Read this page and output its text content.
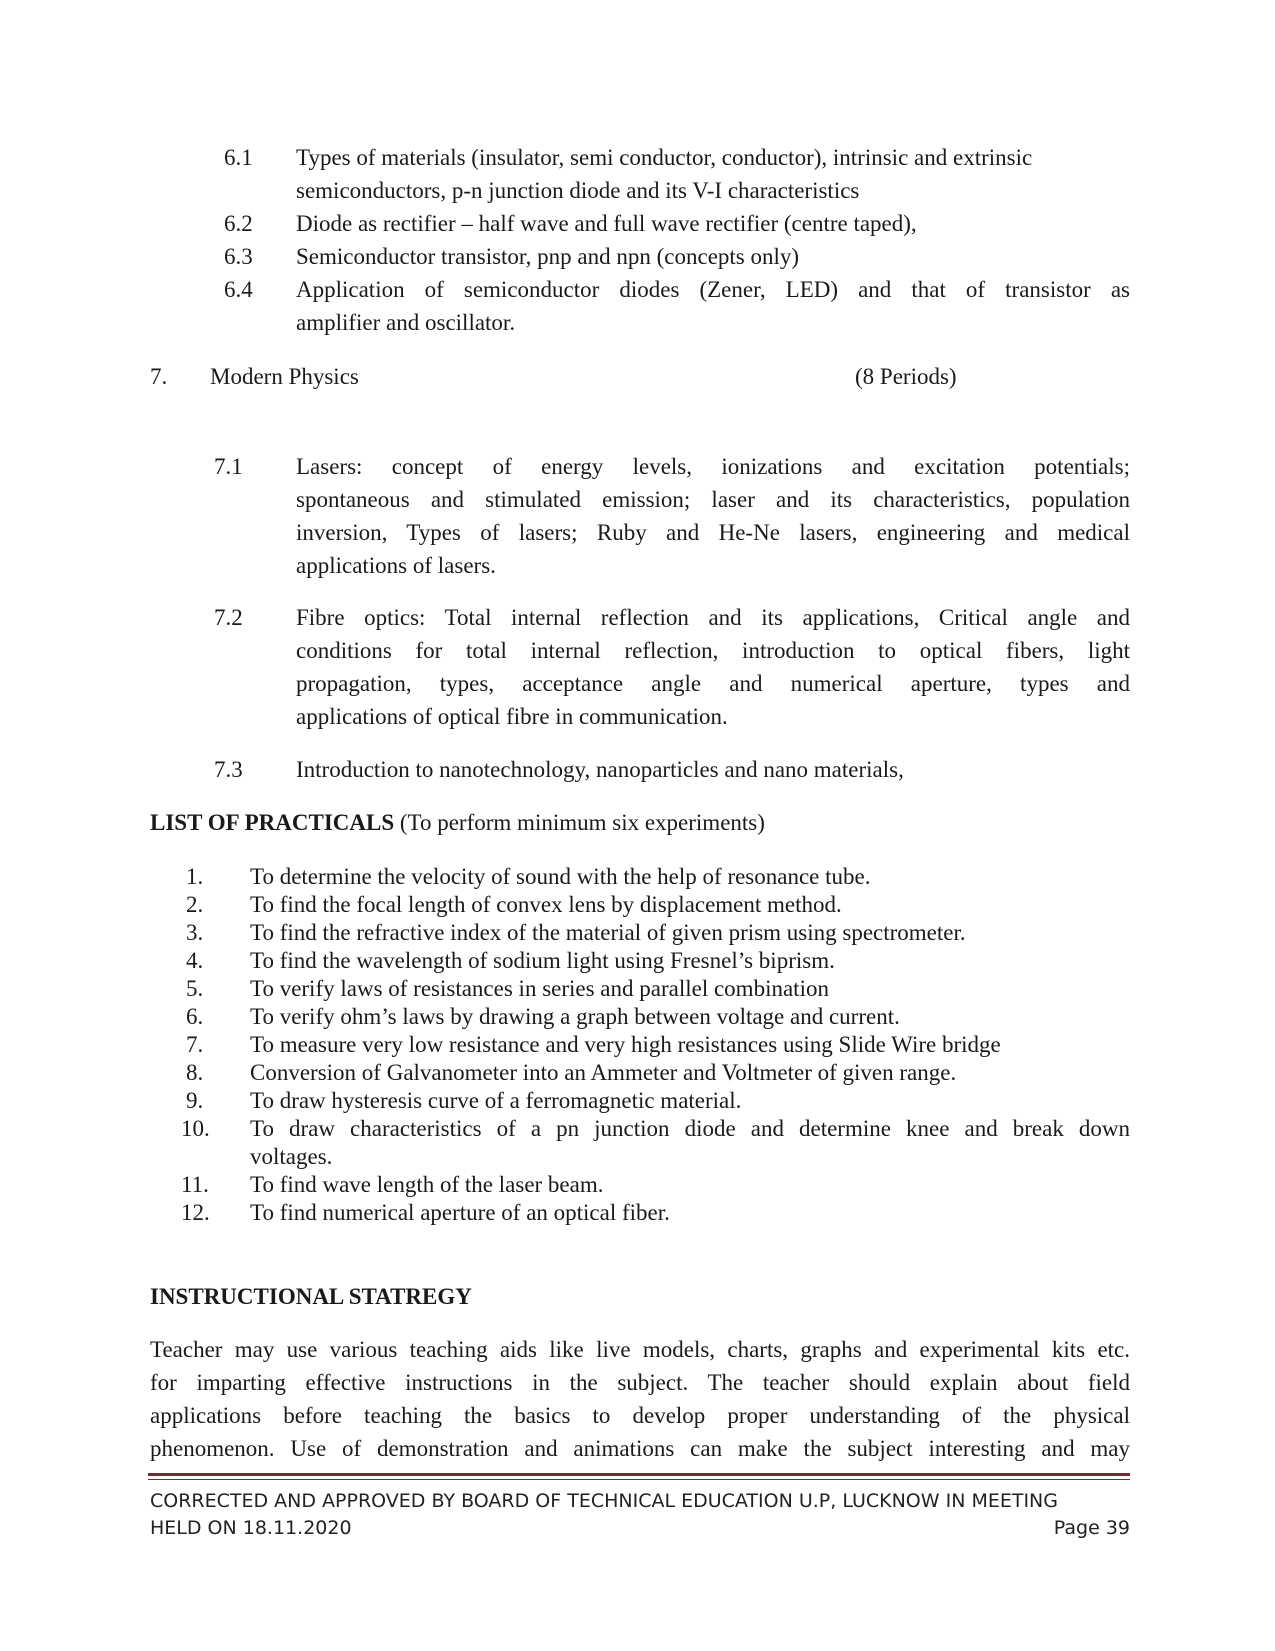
6.1 Types of materials (insulator, semi conductor, conductor), intrinsic and extrinsic
semiconductors, p-n junction diode and its V-I characteristics
6.2 Diode as rectifier – half wave and full wave rectifier (centre taped),
6.3 Semiconductor transistor, pnp and npn (concepts only)
6.4 Application of semiconductor diodes (Zener, LED) and that of transistor as
amplifier and oscillator.
7. Modern Physics	(8 Periods)
7.1 Lasers: concept of energy levels, ionizations and excitation potentials;
spontaneous and stimulated emission; laser and its characteristics, population
inversion, Types of lasers; Ruby and He-Ne lasers, engineering and medical
applications of lasers.
7.2 Fibre optics: Total internal reflection and its applications, Critical angle and
conditions for total internal reflection, introduction to optical fibers, light
propagation, types, acceptance angle and numerical aperture, types and
applications of optical fibre in communication.
7.3 Introduction to nanotechnology, nanoparticles and nano materials,
LIST OF PRACTICALS (To perform minimum six experiments)
1. To determine the velocity of sound with the help of resonance tube.
2. To find the focal length of convex lens by displacement method.
3. To find the refractive index of the material of given prism using spectrometer.
4. To find the wavelength of sodium light using Fresnel’s biprism.
5. To verify laws of resistances in series and parallel combination
6. To verify ohm’s laws by drawing a graph between voltage and current.
7. To measure very low resistance and very high resistances using Slide Wire bridge
8. Conversion of Galvanometer into an Ammeter and Voltmeter of given range.
9. To draw hysteresis curve of a ferromagnetic material.
10. To draw characteristics of a pn junction diode and determine knee and break down
voltages.
11. To find wave length of the laser beam.
12. To find numerical aperture of an optical fiber.
INSTRUCTIONAL STATREGY
Teacher may use various teaching aids like live models, charts, graphs and experimental kits etc.
for imparting effective instructions in the subject. The teacher should explain about field
applications before teaching the basics to develop proper understanding of the physical
phenomenon. Use of demonstration and animations can make the subject interesting and may
CORRECTED AND APPROVED BY BOARD OF TECHNICAL EDUCATION U.P, LUCKNOW IN MEETING
HELD ON 18.11.2020	Page 39
